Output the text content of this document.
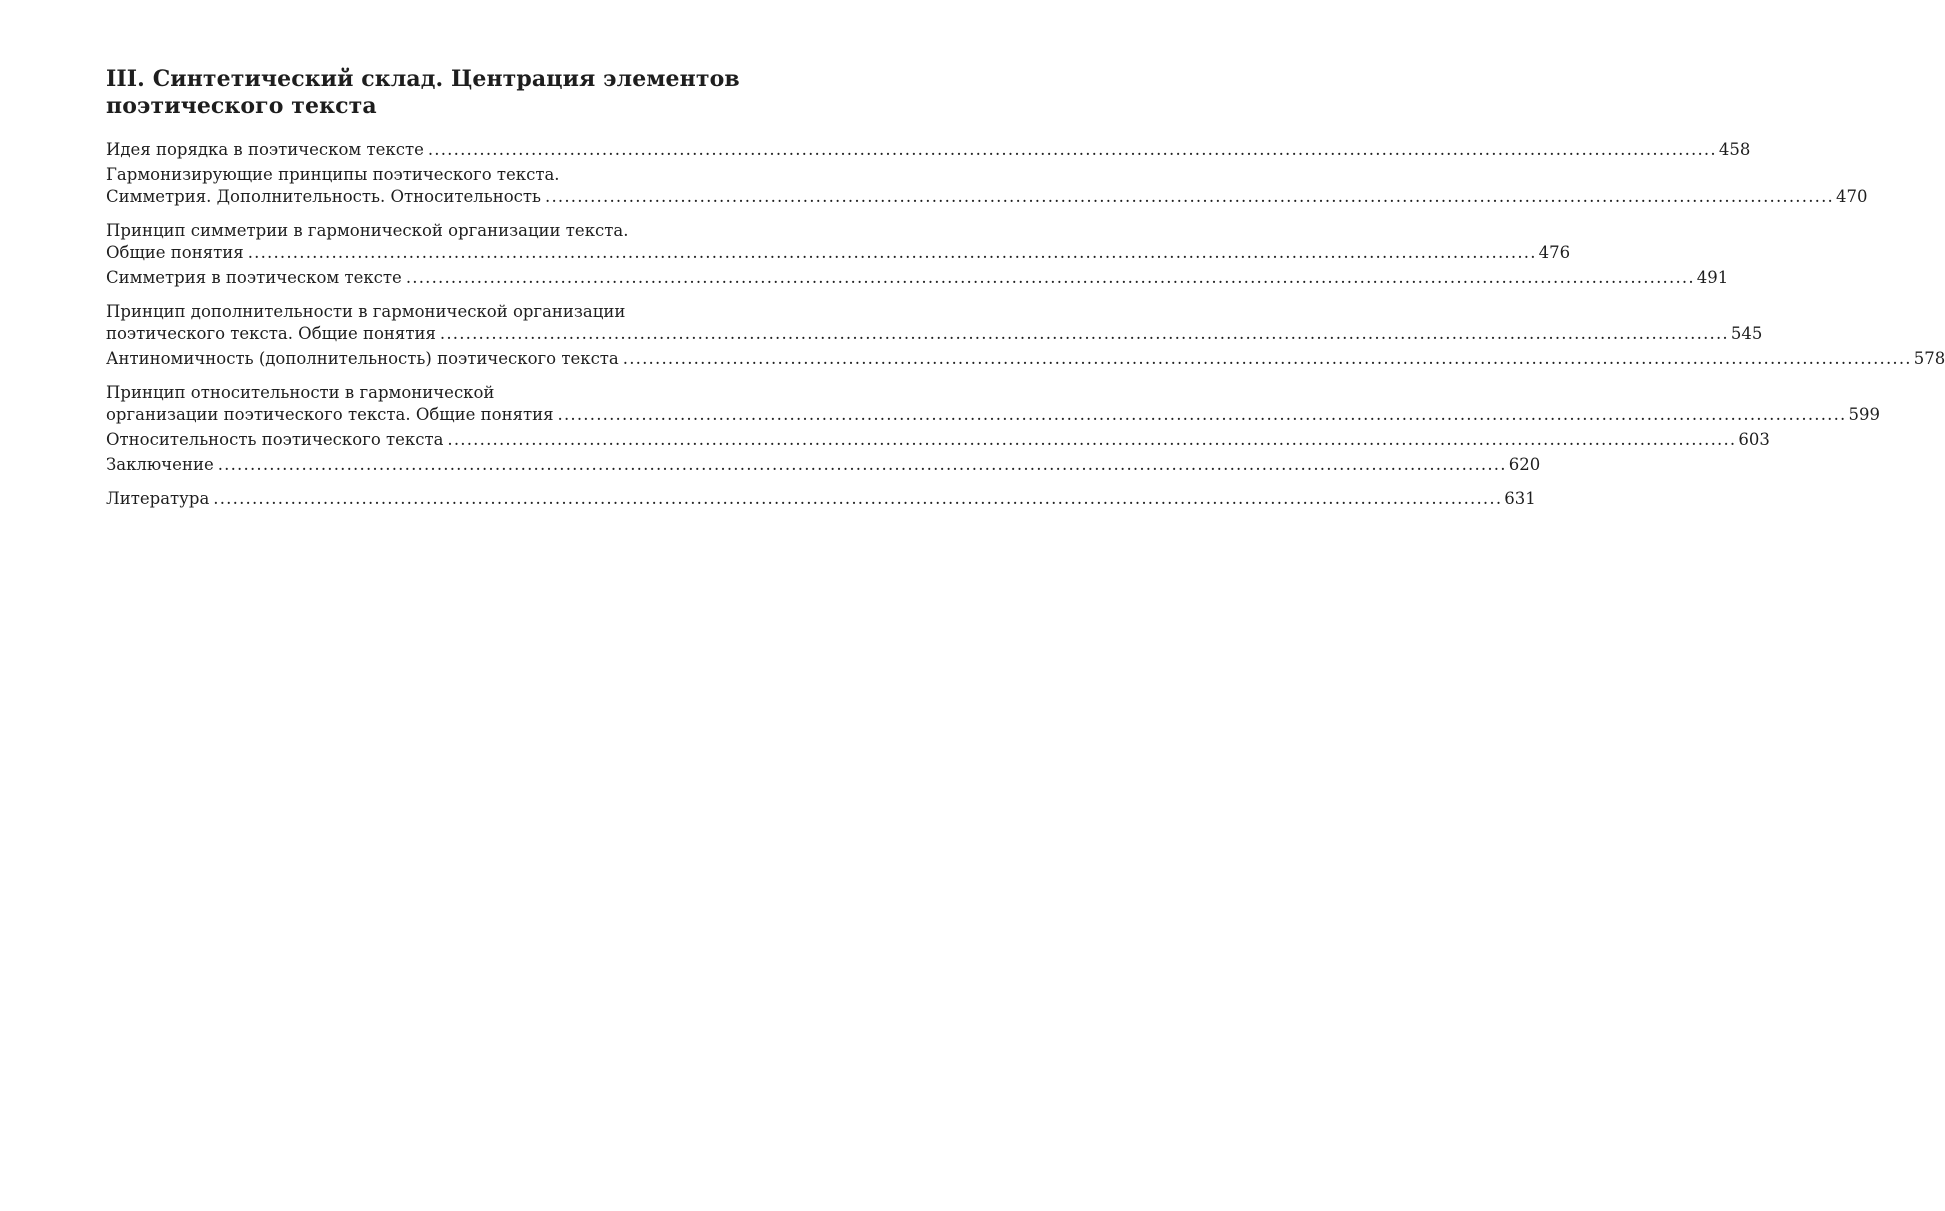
III. Синтетический склад. Центрация элементов
поэтического текста
Идея порядка в поэтическом тексте ........................................................................................................................................................................................................ 458
Гармонизирующие принципы поэтического текста.
Симметрия. Дополнительность. Относительность ........................................................................................................................................................................................................ 470
Принцип симметрии в гармонической организации текста.
Общие понятия ........................................................................................................................................................................................................ 476
Симметрия в поэтическом тексте ........................................................................................................................................................................................................ 491
Принцип дополнительности в гармонической организации
поэтического текста. Общие понятия ........................................................................................................................................................................................................ 545
Антиномичность (дополнительность) поэтического текста ........................................................................................................................................................................................................ 578
Принцип относительности в гармонической
организации поэтического текста. Общие понятия ........................................................................................................................................................................................................ 599
Относительность поэтического текста ........................................................................................................................................................................................................ 603
Заключение ........................................................................................................................................................................................................ 620
Литература ........................................................................................................................................................................................................ 631
